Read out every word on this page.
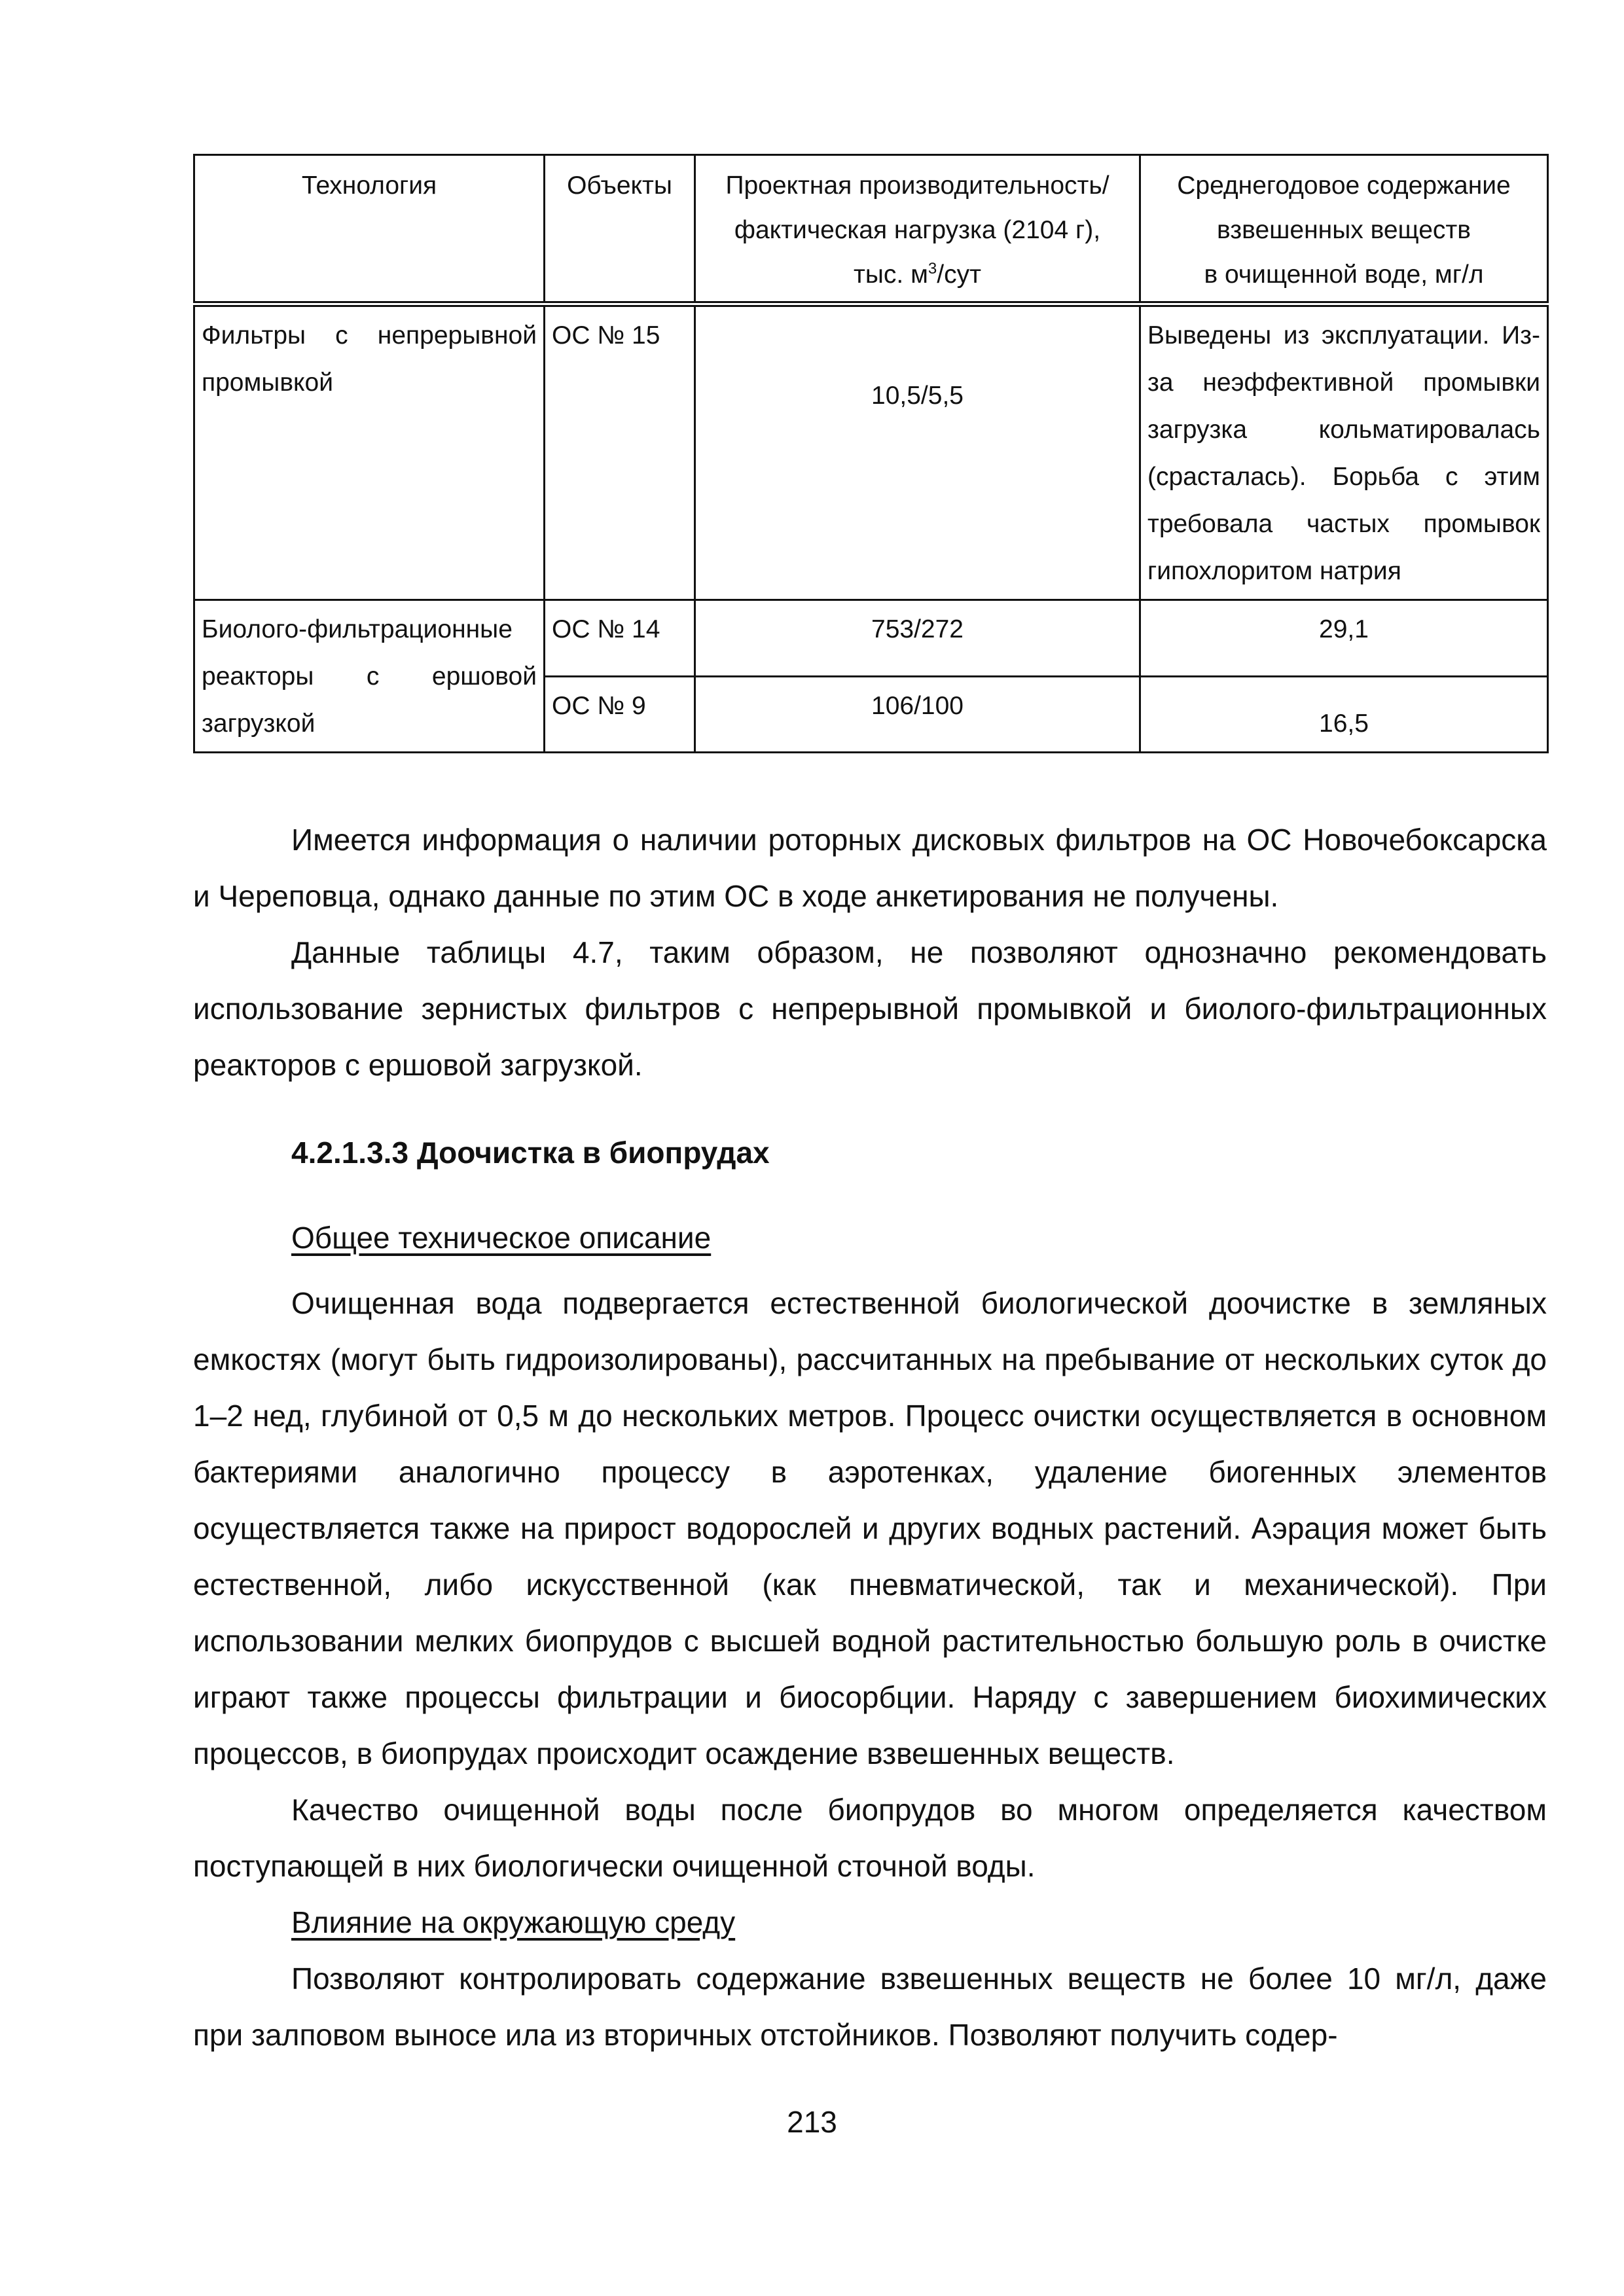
Технология	Объекты	Проектная производительность/
фактическая нагрузка (2104 г),
тыс. $м^3$/сут	Среднегодовое содержание
взвешенных веществ
в очищенной воде, мг/л

Фильтры с непрерывной промывкой	ОС № 15	10,5/5,5	Выведены из эксплуатации. Из-за неэффективной промывки загрузка кольматировалась (срасталась). Борьба с этим требовала частых промывок гипохлоритом натрия
Биолого-фильтрационные реакторы с ершовой загрузкой	ОС № 14	753/272	29,1
	ОС № 9	106/100	16,5

Имеется информация о наличии роторных дисковых фильтров на ОС Новочебоксарска и Череповца, однако данные по этим ОС в ходе анкетирования не получены.

Данные таблицы 4.7, таким образом, не позволяют однозначно рекомендовать использование зернистых фильтров с непрерывной промывкой и биолого-фильтрационных реакторов с ершовой загрузкой.

4.2.1.3.3 Доочистка в биопрудах

Общее техническое описание

Очищенная вода подвергается естественной биологической доочистке в земляных емкостях (могут быть гидроизолированы), рассчитанных на пребывание от нескольких суток до 1–2 нед, глубиной от 0,5 м до нескольких метров. Процесс очистки осуществляется в основном бактериями аналогично процессу в аэротенках, удаление биогенных элементов осуществляется также на прирост водорослей и других водных растений. Аэрация может быть естественной, либо искусственной (как пневматической, так и механической). При использовании мелких биопрудов с высшей водной растительностью большую роль в очистке играют также процессы фильтрации и биосорбции. Наряду с завершением биохимических процессов, в биопрудах происходит осаждение взвешенных веществ.

Качество очищенной воды после биопрудов во многом определяется качеством поступающей в них биологически очищенной сточной воды.

Влияние на окружающую среду

Позволяют контролировать содержание взвешенных веществ не более 10 мг/л, даже при залповом выносе ила из вторичных отстойников. Позволяют получить содер-

213
